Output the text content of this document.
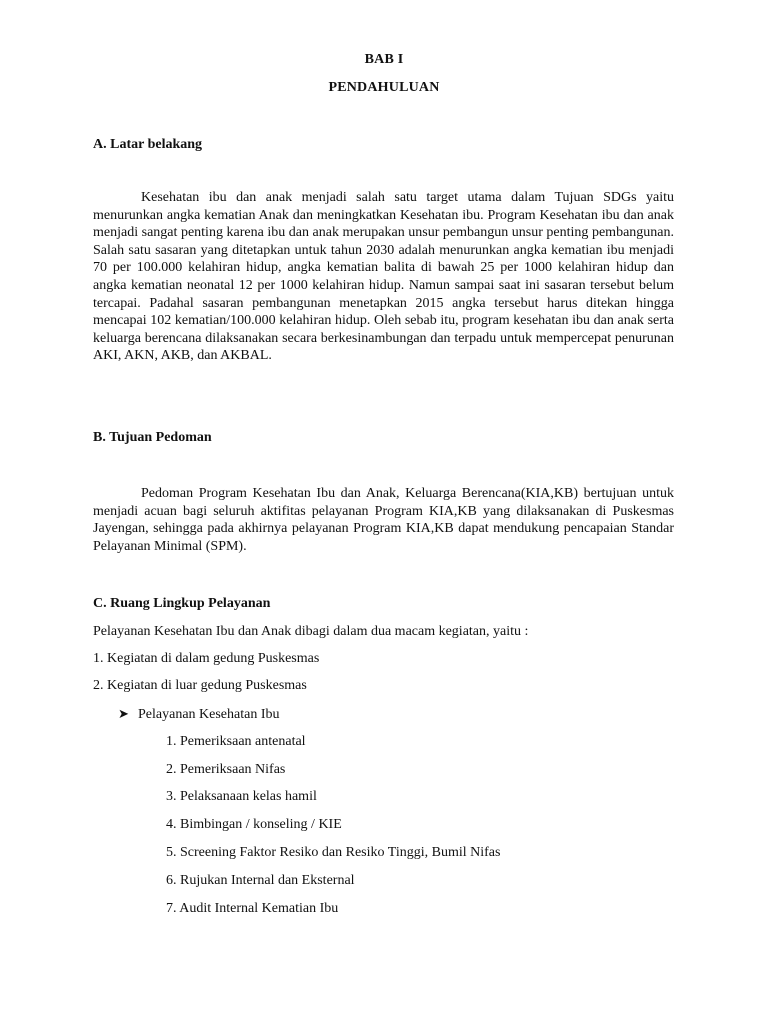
BAB I
PENDAHULUAN
A. Latar belakang

Kesehatan ibu dan anak menjadi salah satu target utama dalam Tujuan SDGs yaitu menurunkan angka kematian Anak dan meningkatkan Kesehatan ibu. Program Kesehatan ibu dan anak menjadi sangat penting karena ibu dan anak merupakan unsur pembangun unsur penting pembangunan. Salah satu sasaran yang ditetapkan untuk tahun 2030 adalah menurunkan angka kematian ibu menjadi 70 per 100.000 kelahiran hidup, angka kematian balita di bawah 25 per 1000 kelahiran hidup dan angka kematian neonatal 12 per 1000 kelahiran hidup. Namun sampai saat ini sasaran tersebut belum tercapai. Padahal sasaran pembangunan menetapkan 2015 angka tersebut harus ditekan hingga mencapai 102 kematian/100.000 kelahiran hidup. Oleh sebab itu, program kesehatan ibu dan anak serta keluarga berencana dilaksanakan secara berkesinambungan dan terpadu untuk mempercepat penurunan AKI, AKN, AKB, dan AKBAL.

B. Tujuan Pedoman

Pedoman Program Kesehatan Ibu dan Anak, Keluarga Berencana(KIA,KB) bertujuan untuk menjadi acuan bagi seluruh aktifitas pelayanan Program KIA,KB yang dilaksanakan di Puskesmas Jayengan, sehingga pada akhirnya pelayanan Program KIA,KB dapat mendukung pencapaian Standar Pelayanan Minimal (SPM).

C. Ruang Lingkup Pelayanan
Pelayanan Kesehatan Ibu dan Anak dibagi dalam dua macam kegiatan, yaitu :
1. Kegiatan di dalam gedung Puskesmas
2. Kegiatan di luar gedung Puskesmas
➤ Pelayanan Kesehatan Ibu
1. Pemeriksaan antenatal
2. Pemeriksaan Nifas
3. Pelaksanaan kelas hamil
4. Bimbingan / konseling / KIE
5. Screening Faktor Resiko dan Resiko Tinggi, Bumil Nifas
6. Rujukan Internal dan Eksternal
7. Audit Internal Kematian Ibu
